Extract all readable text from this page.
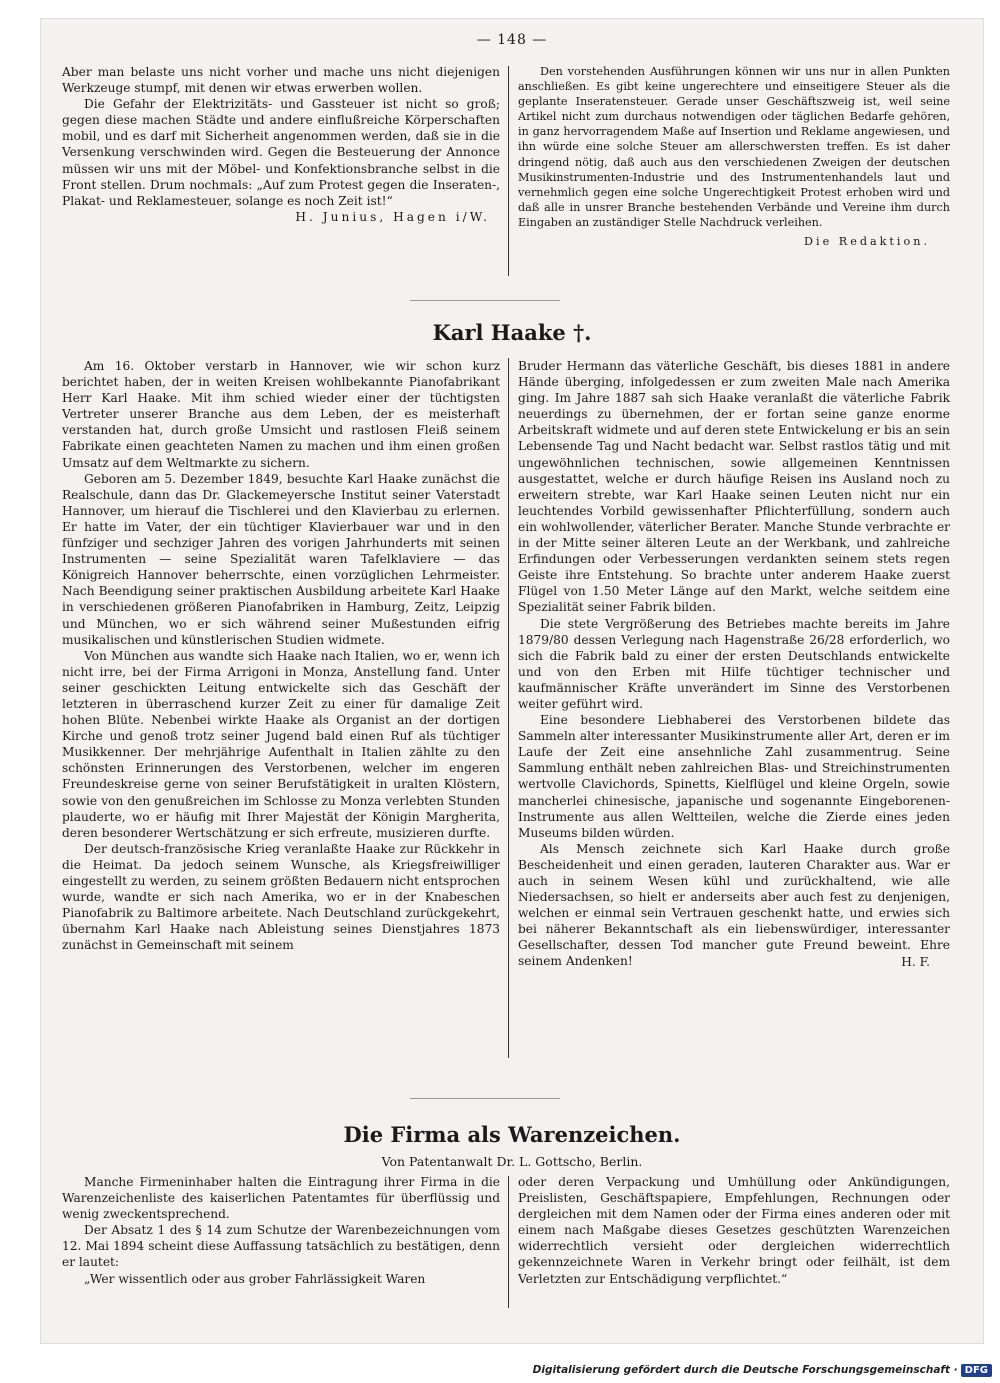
— 148 —

Aber man belaste uns nicht vorher und mache uns nicht diejenigen Werkzeuge stumpf, mit denen wir etwas erwerben wollen.

Die Gefahr der Elektrizitäts- und Gassteuer ist nicht so groß; gegen diese machen Städte und andere einflußreiche Körperschaften mobil, und es darf mit Sicherheit angenommen werden, daß sie in die Versenkung verschwinden wird. Gegen die Besteuerung der Annonce müssen wir uns mit der Möbel- und Konfektionsbranche selbst in die Front stellen. Drum nochmals: „Auf zum Protest gegen die Inseraten-, Plakat- und Reklamesteuer, solange es noch Zeit ist!“

H. Junius, Hagen i/W.

Den vorstehenden Ausführungen können wir uns nur in allen Punkten anschließen. Es gibt keine ungerechtere und einseitigere Steuer als die geplante Inseratensteuer. Gerade unser Geschäftszweig ist, weil seine Artikel nicht zum durchaus notwendigen oder täglichen Bedarfe gehören, in ganz hervorragendem Maße auf Insertion und Reklame angewiesen, und ihn würde eine solche Steuer am allerschwersten treffen. Es ist daher dringend nötig, daß auch aus den verschiedenen Zweigen der deutschen Musikinstrumenten-Industrie und des Instrumentenhandels laut und vernehmlich gegen eine solche Ungerechtigkeit Protest erhoben wird und daß alle in unsrer Branche bestehenden Verbände und Vereine ihm durch Eingaben an zuständiger Stelle Nachdruck verleihen.

Die Redaktion.
Karl Haake †.

Am 16. Oktober verstarb in Hannover, wie wir schon kurz berichtet haben, der in weiten Kreisen wohlbekannte Pianofabrikant Herr Karl Haake. Mit ihm schied wieder einer der tüchtigsten Vertreter unserer Branche aus dem Leben, der es meisterhaft verstanden hat, durch große Umsicht und rastlosen Fleiß seinem Fabrikate einen geachteten Namen zu machen und ihm einen großen Umsatz auf dem Weltmarkte zu sichern.

Geboren am 5. Dezember 1849, besuchte Karl Haake zunächst die Realschule, dann das Dr. Glackemeyersche Institut seiner Vaterstadt Hannover, um hierauf die Tischlerei und den Klavierbau zu erlernen. Er hatte im Vater, der ein tüchtiger Klavierbauer war und in den fünfziger und sechziger Jahren des vorigen Jahrhunderts mit seinen Instrumenten — seine Spezialität waren Tafelklaviere — das Königreich Hannover beherrschte, einen vorzüglichen Lehrmeister. Nach Beendigung seiner praktischen Ausbildung arbeitete Karl Haake in verschiedenen größeren Pianofabriken in Hamburg, Zeitz, Leipzig und München, wo er sich während seiner Mußestunden eifrig musikalischen und künstlerischen Studien widmete.

Von München aus wandte sich Haake nach Italien, wo er, wenn ich nicht irre, bei der Firma Arrigoni in Monza, Anstellung fand. Unter seiner geschickten Leitung entwickelte sich das Geschäft der letzteren in überraschend kurzer Zeit zu einer für damalige Zeit hohen Blüte. Nebenbei wirkte Haake als Organist an der dortigen Kirche und genoß trotz seiner Jugend bald einen Ruf als tüchtiger Musikkenner. Der mehrjährige Aufenthalt in Italien zählte zu den schönsten Erinnerungen des Verstorbenen, welcher im engeren Freundeskreise gerne von seiner Berufstätigkeit in uralten Klöstern, sowie von den genußreichen im Schlosse zu Monza verlebten Stunden plauderte, wo er häufig mit Ihrer Majestät der Königin Margherita, deren besonderer Wertschätzung er sich erfreute, musizieren durfte.

Der deutsch-französische Krieg veranlaßte Haake zur Rückkehr in die Heimat. Da jedoch seinem Wunsche, als Kriegsfreiwilliger eingestellt zu werden, zu seinem größten Bedauern nicht entsprochen wurde, wandte er sich nach Amerika, wo er in der Knabeschen Pianofabrik zu Baltimore arbeitete. Nach Deutschland zurückgekehrt, übernahm Karl Haake nach Ableistung seines Dienstjahres 1873 zunächst in Gemeinschaft mit seinem

Bruder Hermann das väterliche Geschäft, bis dieses 1881 in andere Hände überging, infolgedessen er zum zweiten Male nach Amerika ging. Im Jahre 1887 sah sich Haake veranlaßt die väterliche Fabrik neuerdings zu übernehmen, der er fortan seine ganze enorme Arbeitskraft widmete und auf deren stete Entwickelung er bis an sein Lebensende Tag und Nacht bedacht war. Selbst rastlos tätig und mit ungewöhnlichen technischen, sowie allgemeinen Kenntnissen ausgestattet, welche er durch häufige Reisen ins Ausland noch zu erweitern strebte, war Karl Haake seinen Leuten nicht nur ein leuchtendes Vorbild gewissenhafter Pflichterfüllung, sondern auch ein wohlwollender, väterlicher Berater. Manche Stunde verbrachte er in der Mitte seiner älteren Leute an der Werkbank, und zahlreiche Erfindungen oder Verbesserungen verdankten seinem stets regen Geiste ihre Entstehung. So brachte unter anderem Haake zuerst Flügel von 1.50 Meter Länge auf den Markt, welche seitdem eine Spezialität seiner Fabrik bilden.

Die stete Vergrößerung des Betriebes machte bereits im Jahre 1879/80 dessen Verlegung nach Hagenstraße 26/28 erforderlich, wo sich die Fabrik bald zu einer der ersten Deutschlands entwickelte und von den Erben mit Hilfe tüchtiger technischer und kaufmännischer Kräfte unverändert im Sinne des Verstorbenen weiter geführt wird.

Eine besondere Liebhaberei des Verstorbenen bildete das Sammeln alter interessanter Musikinstrumente aller Art, deren er im Laufe der Zeit eine ansehnliche Zahl zusammentrug. Seine Sammlung enthält neben zahlreichen Blas- und Streichinstrumenten wertvolle Clavichords, Spinetts, Kielflügel und kleine Orgeln, sowie mancherlei chinesische, japanische und sogenannte Eingeborenen-Instrumente aus allen Weltteilen, welche die Zierde eines jeden Museums bilden würden.

Als Mensch zeichnete sich Karl Haake durch große Bescheidenheit und einen geraden, lauteren Charakter aus. War er auch in seinem Wesen kühl und zurückhaltend, wie alle Niedersachsen, so hielt er anderseits aber auch fest zu denjenigen, welchen er einmal sein Vertrauen geschenkt hatte, und erwies sich bei näherer Bekanntschaft als ein liebenswürdiger, interessanter Gesellschafter, dessen Tod mancher gute Freund beweint. Ehre seinem Andenken!	H. F.
Die Firma als Warenzeichen.
Von Patentanwalt Dr. L. Gottscho, Berlin.

Manche Firmeninhaber halten die Eintragung ihrer Firma in die Warenzeichenliste des kaiserlichen Patentamtes für überflüssig und wenig zweckentsprechend.

Der Absatz 1 des § 14 zum Schutze der Warenbezeichnungen vom 12. Mai 1894 scheint diese Auffassung tatsächlich zu bestätigen, denn er lautet:

„Wer wissentlich oder aus grober Fahrlässigkeit Waren

oder deren Verpackung und Umhüllung oder Ankündigungen, Preislisten, Geschäftspapiere, Empfehlungen, Rechnungen oder dergleichen mit dem Namen oder der Firma eines anderen oder mit einem nach Maßgabe dieses Gesetzes geschützten Warenzeichen widerrechtlich versieht oder dergleichen widerrechtlich gekennzeichnete Waren in Verkehr bringt oder feilhält, ist dem Verletzten zur Entschädigung verpflichtet.“

Digitalisierung gefördert durch die Deutsche Forschungsgemeinschaft · DFG
